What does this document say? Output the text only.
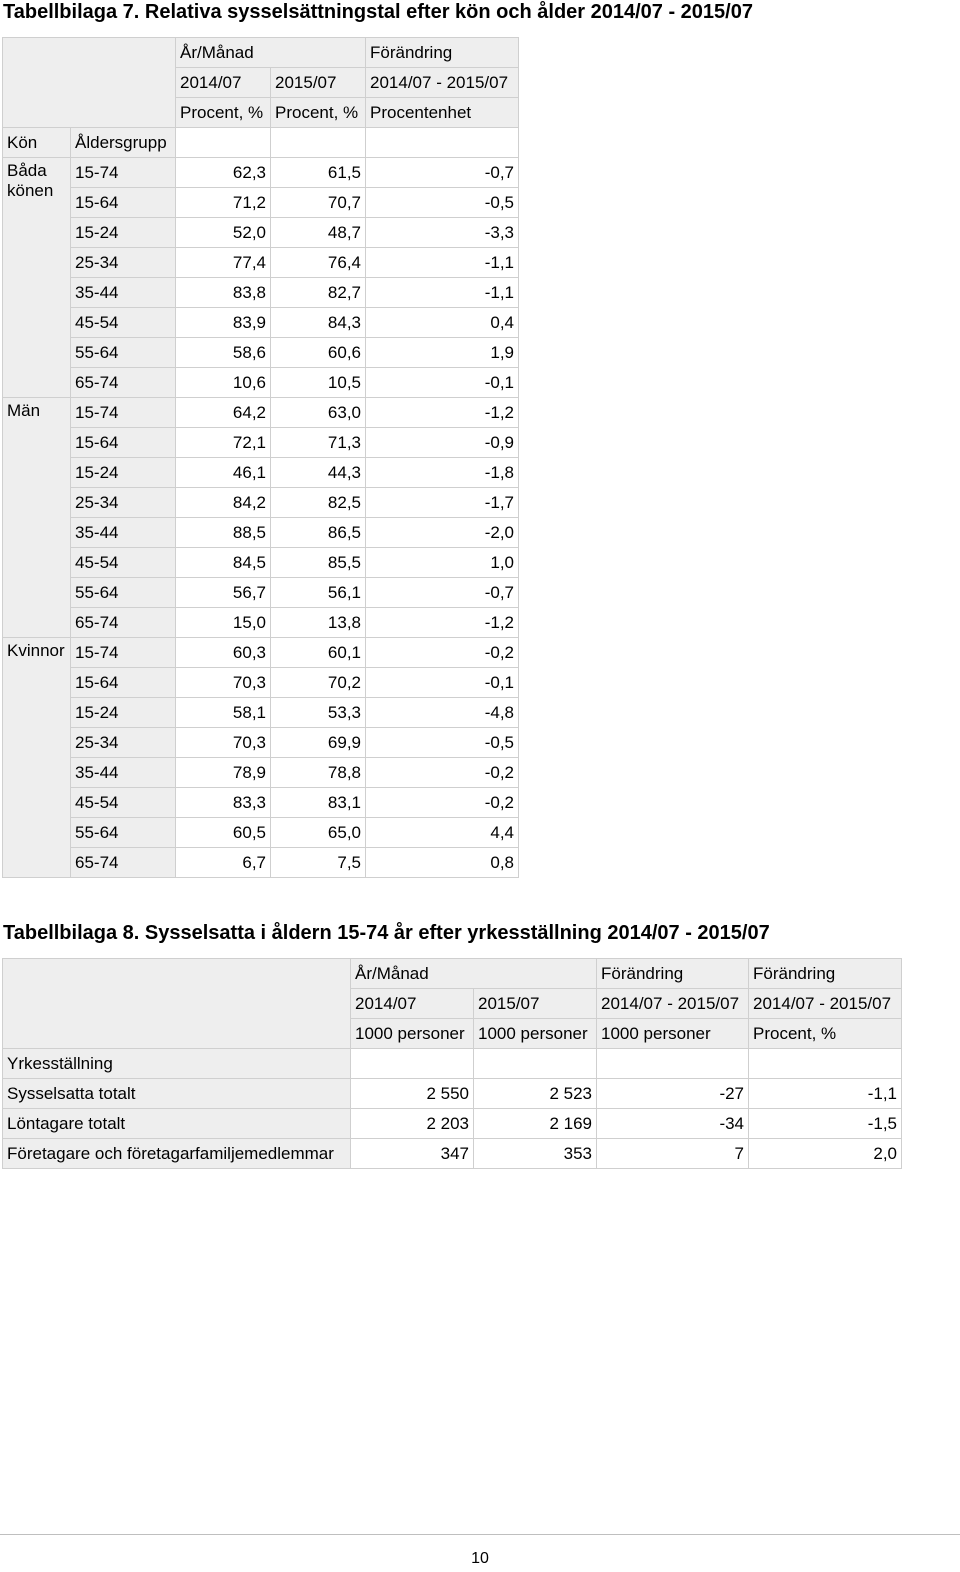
Tabellbilaga 7. Relativa sysselsättningstal efter kön och ålder 2014/07 - 2015/07
		År/Månad		Förändring
		2014/07	2015/07	2014/07 - 2015/07
		Procent, %	Procent, %	Procentenhet
Kön	Åldersgrupp			
Båda könen	15-74	62,3	61,5	-0,7
	15-64	71,2	70,7	-0,5
	15-24	52,0	48,7	-3,3
	25-34	77,4	76,4	-1,1
	35-44	83,8	82,7	-1,1
	45-54	83,9	84,3	0,4
	55-64	58,6	60,6	1,9
	65-74	10,6	10,5	-0,1
Män	15-74	64,2	63,0	-1,2
	15-64	72,1	71,3	-0,9
	15-24	46,1	44,3	-1,8
	25-34	84,2	82,5	-1,7
	35-44	88,5	86,5	-2,0
	45-54	84,5	85,5	1,0
	55-64	56,7	56,1	-0,7
	65-74	15,0	13,8	-1,2
Kvinnor	15-74	60,3	60,1	-0,2
	15-64	70,3	70,2	-0,1
	15-24	58,1	53,3	-4,8
	25-34	70,3	69,9	-0,5
	35-44	78,9	78,8	-0,2
	45-54	83,3	83,1	-0,2
	55-64	60,5	65,0	4,4
	65-74	6,7	7,5	0,8
Tabellbilaga 8. Sysselsatta i åldern 15-74 år efter yrkesställning 2014/07 - 2015/07
	År/Månad		Förändring	Förändring
	2014/07	2015/07	2014/07 - 2015/07	2014/07 - 2015/07
	1000 personer	1000 personer	1000 personer	Procent, %
Yrkesställning				
Sysselsatta totalt	2 550	2 523	-27	-1,1
Löntagare totalt	2 203	2 169	-34	-1,5
Företagare och företagarfamiljemedlemmar	347	353	7	2,0
10
